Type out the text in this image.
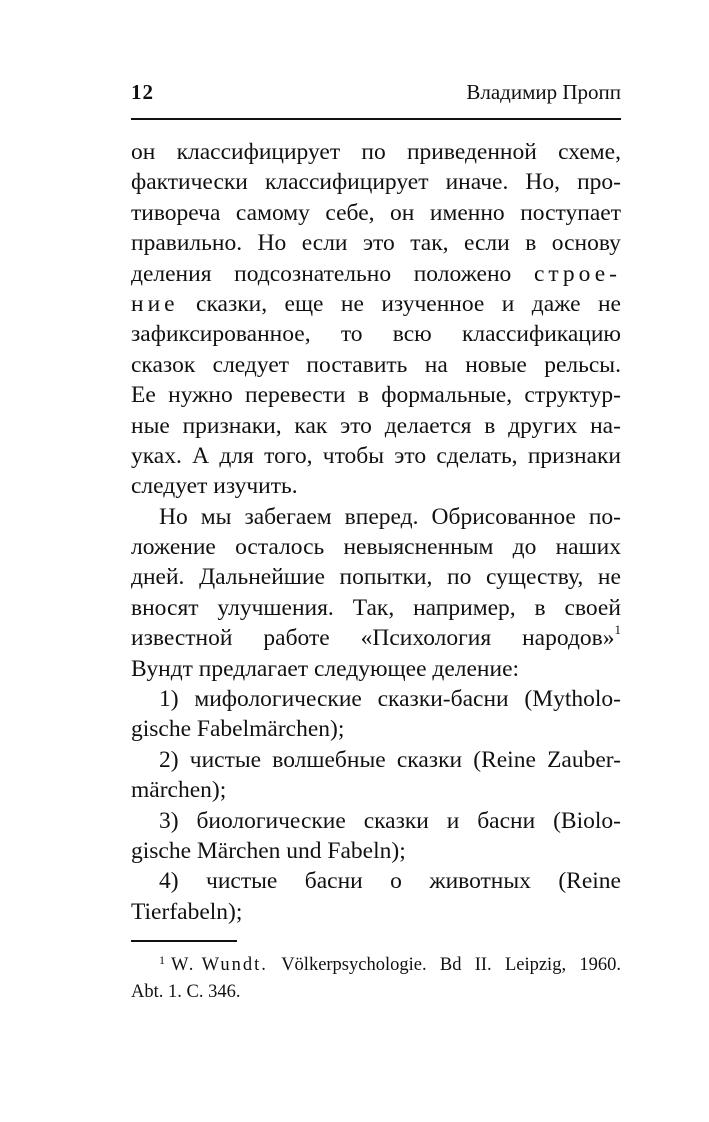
12	Владимир Пропп
он классифицирует по приведенной схеме,
фактически классифицирует иначе. Но, про-
тивореча самому себе, он именно поступает
правильно. Но если это так, если в основу
деления подсознательно положено строе-
ние сказки, еще не изученное и даже не
зафиксированное, то всю классификацию
сказок следует поставить на новые рельсы.
Ее нужно перевести в формальные, структур-
ные признаки, как это делается в других на-
уках. А для того, чтобы это сделать, признаки
следует изучить.
Но мы забегаем вперед. Обрисованное по-
ложение осталось невыясненным до наших
дней. Дальнейшие попытки, по существу, не
вносят улучшения. Так, например, в своей
известной работе «Психология народов»$^1$
Вундт предлагает следующее деление:
1) мифологические сказки-басни (Mytholo-
gische Fabelmärchen);
2) чистые волшебные сказки (Reine Zauber-
märchen);
3) биологические сказки и басни (Biolo-
gische Märchen und Fabeln);
4) чистые басни о животных (Reine
Tierfabeln);
$^1$ W. Wundt. Völkerpsychologie. Bd II. Leipzig, 1960.
Abt. 1. C. 346.
